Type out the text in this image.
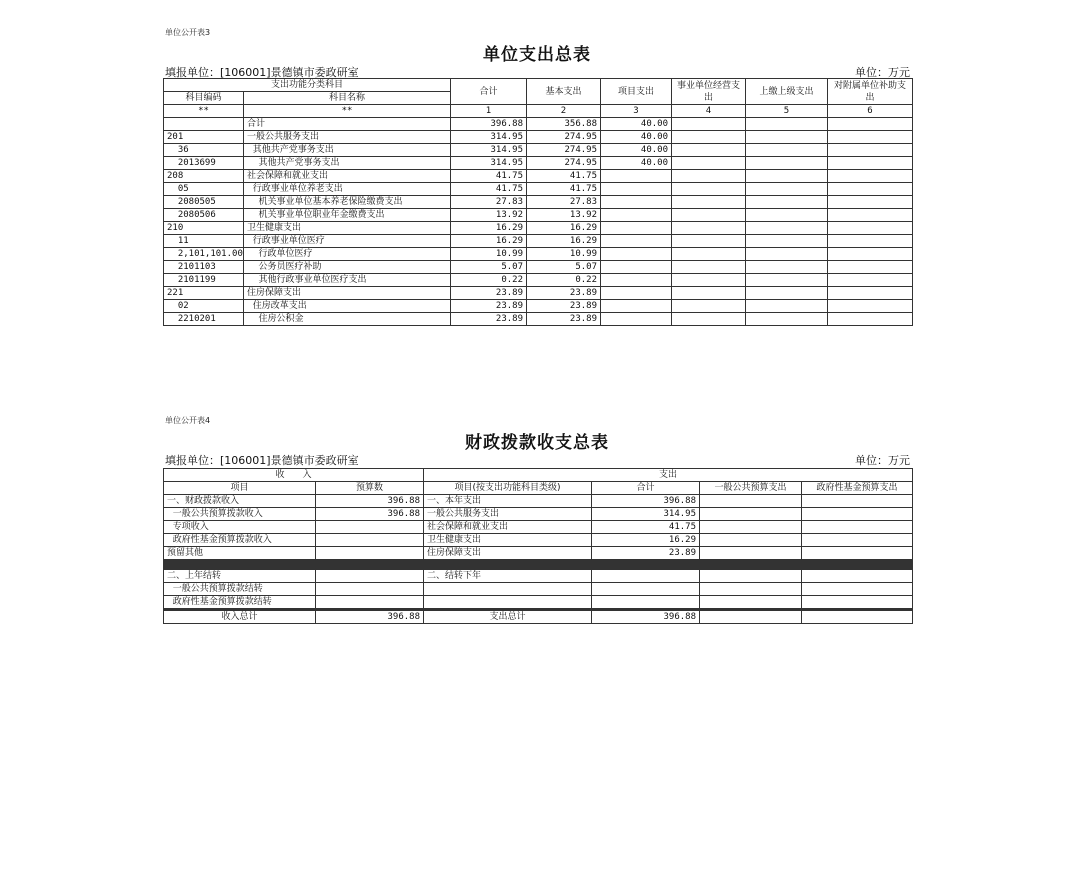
单位公开表3
单位支出总表
填报单位：[106001]景德镇市委政研室	单位：万元
支出功能分类科目		合计	基本支出	项目支出	事业单位经营支出	上缴上级支出	对附属单位补助支出
科目编码	科目名称						
**	**	1	2	3	4	5	6
	合计	396.88	356.88	40.00			
201	一般公共服务支出	314.95	274.95	40.00			
36	其他共产党事务支出	314.95	274.95	40.00			
2013699	其他共产党事务支出	314.95	274.95	40.00			
208	社会保障和就业支出	41.75	41.75				
05	行政事业单位养老支出	41.75	41.75				
2080505	机关事业单位基本养老保险缴费支出	27.83	27.83				
2080506	机关事业单位职业年金缴费支出	13.92	13.92				
210	卫生健康支出	16.29	16.29				
11	行政事业单位医疗	16.29	16.29				
2,101,101.00	行政单位医疗	10.99	10.99				
2101103	公务员医疗补助	5.07	5.07				
2101199	其他行政事业单位医疗支出	0.22	0.22				
221	住房保障支出	23.89	23.89				
02	住房改革支出	23.89	23.89				
2210201	住房公积金	23.89	23.89				
单位公开表4
财政拨款收支总表
填报单位：[106001]景德镇市委政研室	单位：万元
收　　入		支出			
项目	预算数	项目(按支出功能科目类级)	合计	一般公共预算支出	政府性基金预算支出
一、财政拨款收入	396.88	一、本年支出	396.88		
一般公共预算拨款收入	396.88	一般公共服务支出	314.95		
专项收入		社会保障和就业支出	41.75		
政府性基金预算拨款收入		卫生健康支出	16.29		
预留其他		住房保障支出	23.89		

二、上年结转		二、结转下年			
一般公共预算拨款结转					
政府性基金预算拨款结转					

收入总计	396.88	支出总计	396.88		
